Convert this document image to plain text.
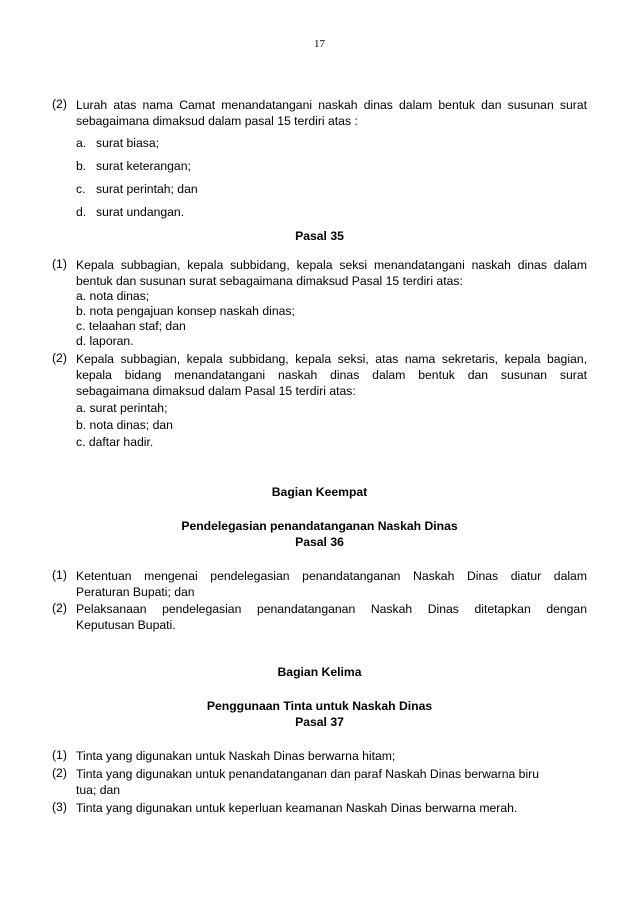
17
(2) Lurah atas nama Camat menandatangani naskah dinas dalam bentuk dan susunan surat
sebagaimana dimaksud dalam pasal 15 terdiri atas :
a. surat biasa;
b. surat keterangan;
c. surat perintah; dan
d. surat undangan.
Pasal 35
(1) Kepala subbagian, kepala subbidang, kepala seksi menandatangani naskah dinas dalam
bentuk dan susunan surat sebagaimana dimaksud Pasal 15 terdiri atas:
a. nota dinas;
b. nota pengajuan konsep naskah dinas;
c. telaahan staf; dan
d. laporan.
(2) Kepala subbagian, kepala subbidang, kepala seksi, atas nama sekretaris, kepala bagian,
kepala bidang menandatangani naskah dinas dalam bentuk dan susunan surat
sebagaimana dimaksud dalam Pasal 15 terdiri atas:
a. surat perintah;
b. nota dinas; dan
c. daftar hadir.
Bagian Keempat
Pendelegasian penandatanganan Naskah Dinas
Pasal 36
(1) Ketentuan mengenai pendelegasian penandatanganan Naskah Dinas diatur dalam
Peraturan Bupati; dan
(2) Pelaksanaan pendelegasian penandatanganan Naskah Dinas ditetapkan dengan
Keputusan Bupati.
Bagian Kelima
Penggunaan Tinta untuk Naskah Dinas
Pasal 37
(1) Tinta yang digunakan untuk Naskah Dinas berwarna hitam;
(2) Tinta yang digunakan untuk penandatanganan dan paraf Naskah Dinas berwarna biru
tua; dan
(3) Tinta yang digunakan untuk keperluan keamanan Naskah Dinas berwarna merah.
